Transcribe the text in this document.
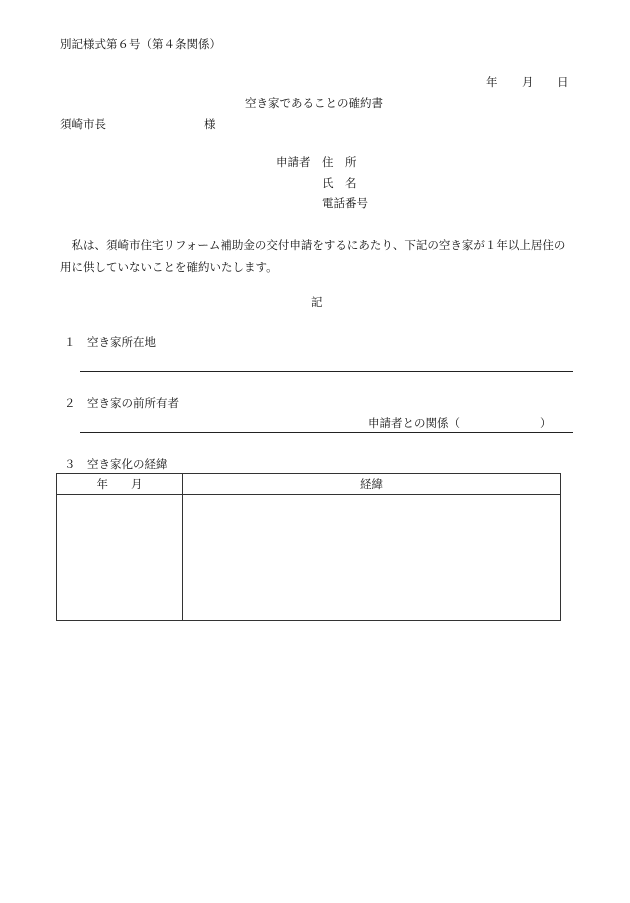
別記様式第６号（第４条関係）
年 月 日
空き家であることの確約書
須崎市長	様
申請者 住　所
氏　名
電話番号
私は、須崎市住宅リフォーム補助金の交付申請をするにあたり、下記の空き家が１年以上居住の用に供していないことを確約いたします。
記
１　空き家所在地
２　空き家の前所有者
申請者との関係（	）
３　空き家化の経緯
年　　月	経緯
